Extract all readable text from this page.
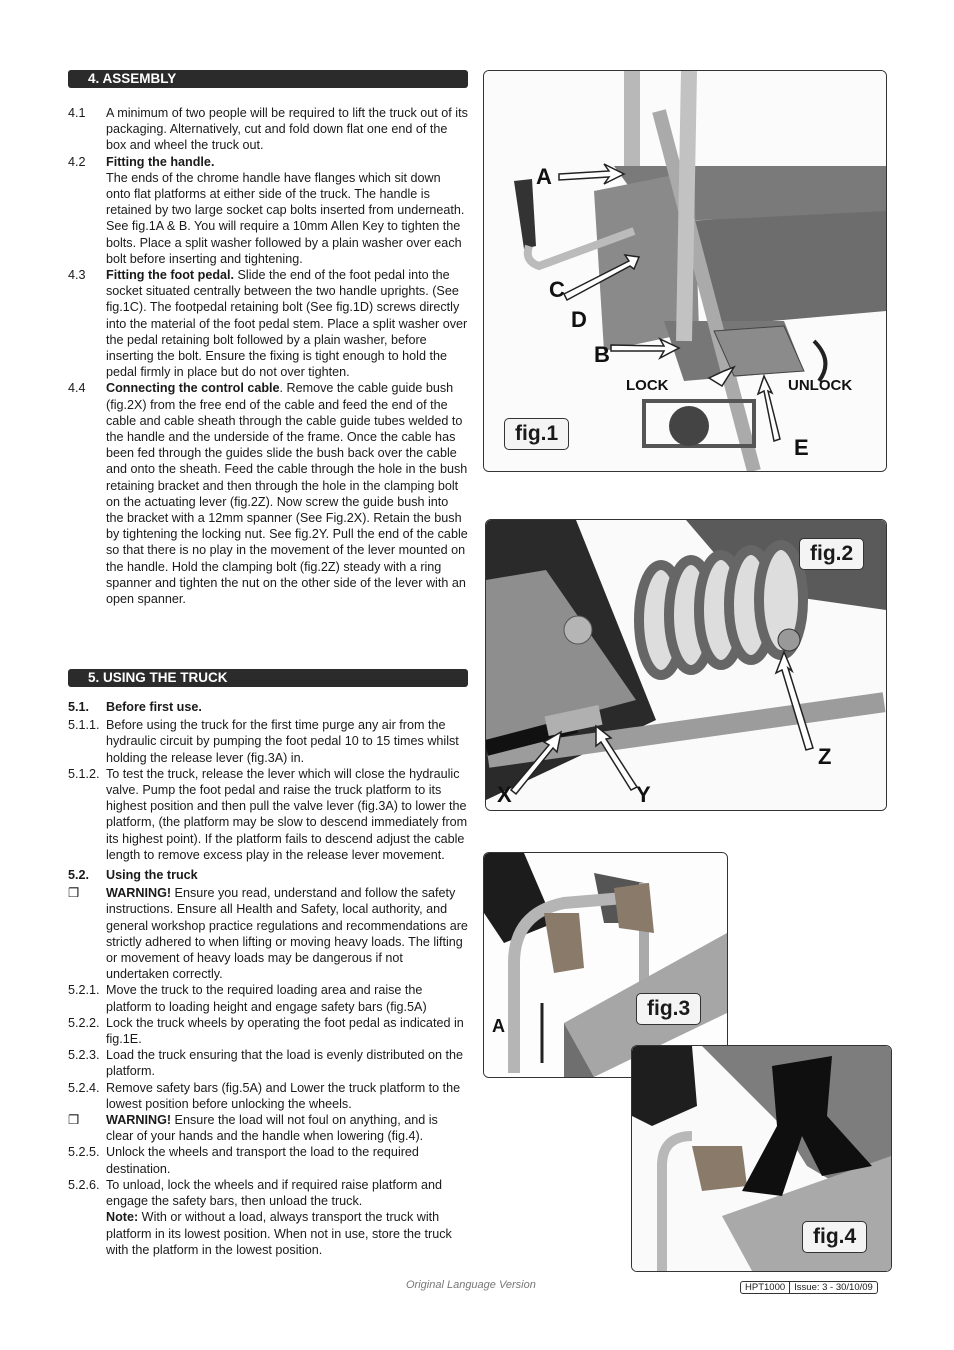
4. ASSEMBLY
4.1	A minimum of two people will be required to lift the truck out of its packaging. Alternatively, cut and fold down flat one end of the box and wheel the truck out.
4.2	Fitting the handle.
The ends of the chrome handle have flanges which sit down onto flat platforms at either side of the truck. The handle is retained by two large socket cap bolts inserted from underneath. See fig.1A & B. You will require a 10mm Allen Key to tighten the bolts. Place a split washer followed by a plain washer over each bolt before inserting and tightening.
4.3	Fitting the foot pedal. Slide the end of the foot pedal into the socket situated centrally between the two handle uprights. (See fig.1C). The footpedal retaining bolt (See fig.1D) screws directly into the material of the foot pedal stem. Place a split washer over the pedal retaining bolt followed by a plain washer, before inserting the bolt. Ensure the fixing is tight enough to hold the pedal firmly in place but do not over tighten.
4.4	Connecting the control cable. Remove the cable guide bush (fig.2X) from the free end of the cable and feed the end of the cable and cable sheath through the cable guide tubes welded to the handle and the underside of the frame. Once the cable has been fed through the guides slide the bush back over the cable and onto the sheath. Feed the cable through the hole in the bush retaining bracket and then through the hole in the clamping bolt on the actuating lever (fig.2Z). Now screw the guide bush into the bracket with a 12mm spanner (See Fig.2X). Retain the bush by tightening the locking nut. See fig.2Y. Pull the end of the cable so that there is no play in the movement of the lever mounted on the handle. Hold the clamping bolt (fig.2Z) steady with a ring spanner and tighten the nut on the other side of the lever with an open spanner.
5. USING THE TRUCK
5.1.	Before first use.
5.1.1. Before using the truck for the first time purge any air from the hydraulic circuit by pumping the foot pedal 10 to 15 times whilst holding the release lever (fig.3A) in.
5.1.2. To test the truck, release the lever which will close the hydraulic valve. Pump the foot pedal and raise the truck platform to its highest position and then pull the valve lever (fig.3A) to lower the platform, (the platform may be slow to descend immediately from its highest point). If the platform fails to descend adjust the cable length to remove excess play in the release lever movement.
5.2.	Using the truck
❒	WARNING! Ensure you read, understand and follow the safety instructions. Ensure all Health and Safety, local authority, and general workshop practice regulations and recommendations are strictly adhered to when lifting or moving heavy loads. The lifting or movement of heavy loads may be dangerous if not undertaken correctly.
5.2.1. Move the truck to the required loading area and raise the platform to loading height and engage safety bars (fig.5A)
5.2.2. Lock the truck wheels by operating the foot pedal as indicated in fig.1E.
5.2.3. Load the truck ensuring that the load is evenly distributed on the platform.
5.2.4. Remove safety bars (fig.5A) and Lower the truck platform to the lowest position before unlocking the wheels.
❒	WARNING! Ensure the load will not foul on anything, and is clear of your hands and the handle when lowering (fig.4).
5.2.5. Unlock the wheels and transport the load to the required destination.
5.2.6. To unload, lock the wheels and if required raise platform and engage the safety bars, then unload the truck.
Note: With or without a load, always transport the truck with platform in its lowest position. When not in use, store the truck with the platform in the lowest position.
A
C
D
B
E
LOCK	UNLOCK
fig.1
fig.2
Z
X	Y
fig.3
A
fig.4
Original Language Version	HPT1000 Issue: 3 - 30/10/09
